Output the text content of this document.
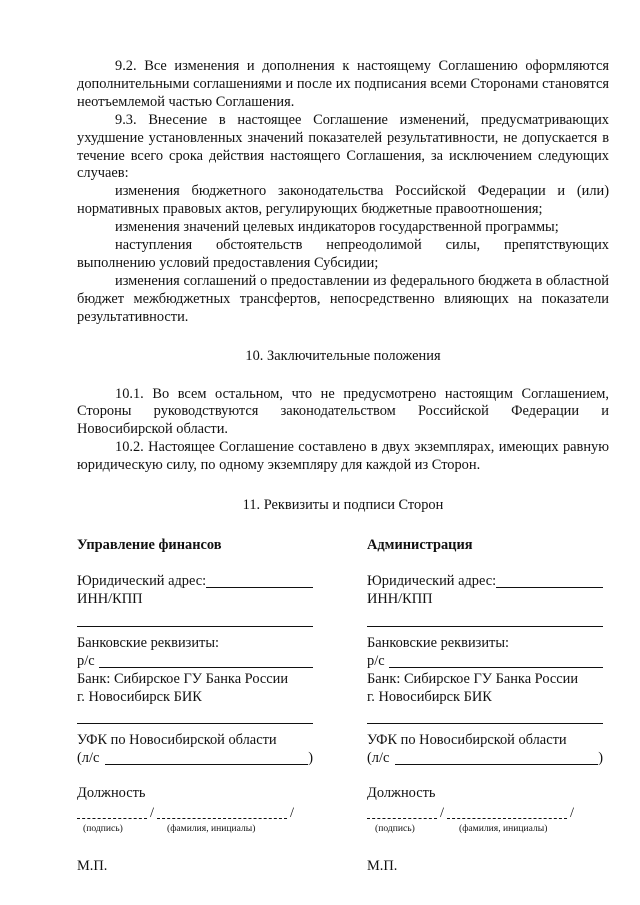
9.2. Все изменения и дополнения к настоящему Соглашению оформляются дополнительными соглашениями и после их подписания всеми Сторонами становятся неотъемлемой частью Соглашения.

9.3. Внесение в настоящее Соглашение изменений, предусматривающих ухудшение установленных значений показателей результативности, не допускается в течение всего срока действия настоящего Соглашения, за исключением следующих случаев:

изменения бюджетного законодательства Российской Федерации и (или) нормативных правовых актов, регулирующих бюджетные правоотношения;

изменения значений целевых индикаторов государственной программы;

наступления обстоятельств непреодолимой силы, препятствующих выполнению условий предоставления Субсидии;

изменения соглашений о предоставлении из федерального бюджета в областной бюджет межбюджетных трансфертов, непосредственно влияющих на показатели результативности.

10. Заключительные положения

10.1. Во всем остальном, что не предусмотрено настоящим Соглашением, Стороны руководствуются законодательством Российской Федерации и Новосибирской области.

10.2. Настоящее Соглашение составлено в двух экземплярах, имеющих равную юридическую силу, по одному экземпляру для каждой из Сторон.

11. Реквизиты и подписи Сторон

Управление финансов
Юридический адрес:
ИНН/КПП
Банковские реквизиты:
р/с
Банк: Сибирское ГУ Банка России
г. Новосибирск БИК
УФК по Новосибирской области
(л/с	)
Должность
/	/
(подпись)	(фамилия, инициалы)
М.П.
Администрация
Юридический адрес:
ИНН/КПП
Банковские реквизиты:
р/с
Банк: Сибирское ГУ Банка России
г. Новосибирск БИК
УФК по Новосибирской области
(л/с	)
Должность
/	/
(подпись)	(фамилия, инициалы)
М.П.
